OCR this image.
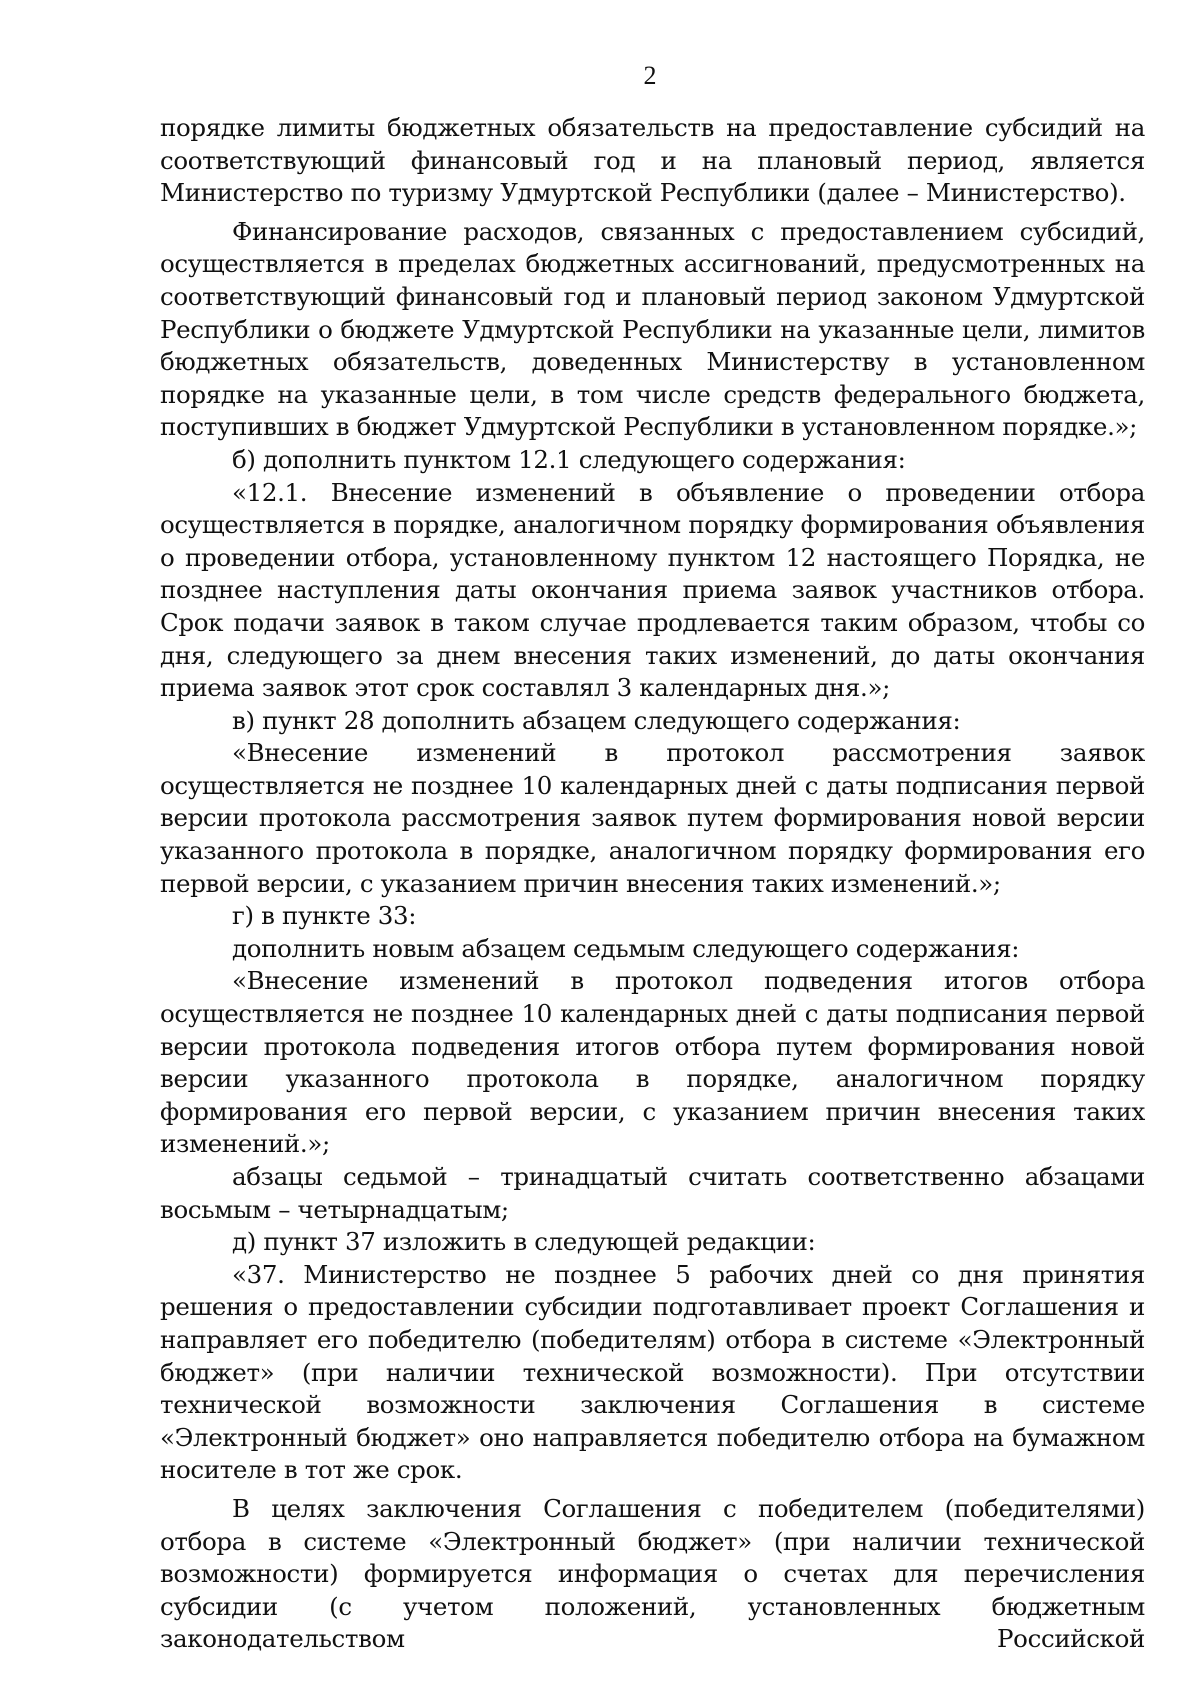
2

порядке лимиты бюджетных обязательств на предоставление субсидий на соответствующий финансовый год и на плановый период, является Министерство по туризму Удмуртской Республики (далее – Министерство).

Финансирование расходов, связанных с предоставлением субсидий, осуществляется в пределах бюджетных ассигнований, предусмотренных на соответствующий финансовый год и плановый период законом Удмуртской Республики о бюджете Удмуртской Республики на указанные цели, лимитов бюджетных обязательств, доведенных Министерству в установленном порядке на указанные цели, в том числе средств федерального бюджета, поступивших в бюджет Удмуртской Республики в установленном порядке.»;

б) дополнить пунктом 12.1 следующего содержания:

«12.1. Внесение изменений в объявление о проведении отбора осуществляется в порядке, аналогичном порядку формирования объявления о проведении отбора, установленному пунктом 12 настоящего Порядка, не позднее наступления даты окончания приема заявок участников отбора. Срок подачи заявок в таком случае продлевается таким образом, чтобы со дня, следующего за днем внесения таких изменений, до даты окончания приема заявок этот срок составлял 3 календарных дня.»;

в) пункт 28 дополнить абзацем следующего содержания:

«Внесение изменений в протокол рассмотрения заявок осуществляется не позднее 10 календарных дней с даты подписания первой версии протокола рассмотрения заявок путем формирования новой версии указанного протокола в порядке, аналогичном порядку формирования его первой версии, с указанием причин внесения таких изменений.»;

г) в пункте 33:

дополнить новым абзацем седьмым следующего содержания:

«Внесение изменений в протокол подведения итогов отбора осуществляется не позднее 10 календарных дней с даты подписания первой версии протокола подведения итогов отбора путем формирования новой версии указанного протокола в порядке, аналогичном порядку формирования его первой версии, с указанием причин внесения таких изменений.»;

абзацы седьмой – тринадцатый считать соответственно абзацами восьмым – четырнадцатым;

д) пункт 37 изложить в следующей редакции:

«37. Министерство не позднее 5 рабочих дней со дня принятия решения о предоставлении субсидии подготавливает проект Соглашения и направляет его победителю (победителям) отбора в системе «Электронный бюджет» (при наличии технической возможности). При отсутствии технической возможности заключения Соглашения в системе «Электронный бюджет» оно направляется победителю отбора на бумажном носителе в тот же срок.

В целях заключения Соглашения с победителем (победителями) отбора в системе «Электронный бюджет» (при наличии технической возможности) формируется информация о счетах для перечисления субсидии (с учетом положений, установленных бюджетным законодательством Российской
